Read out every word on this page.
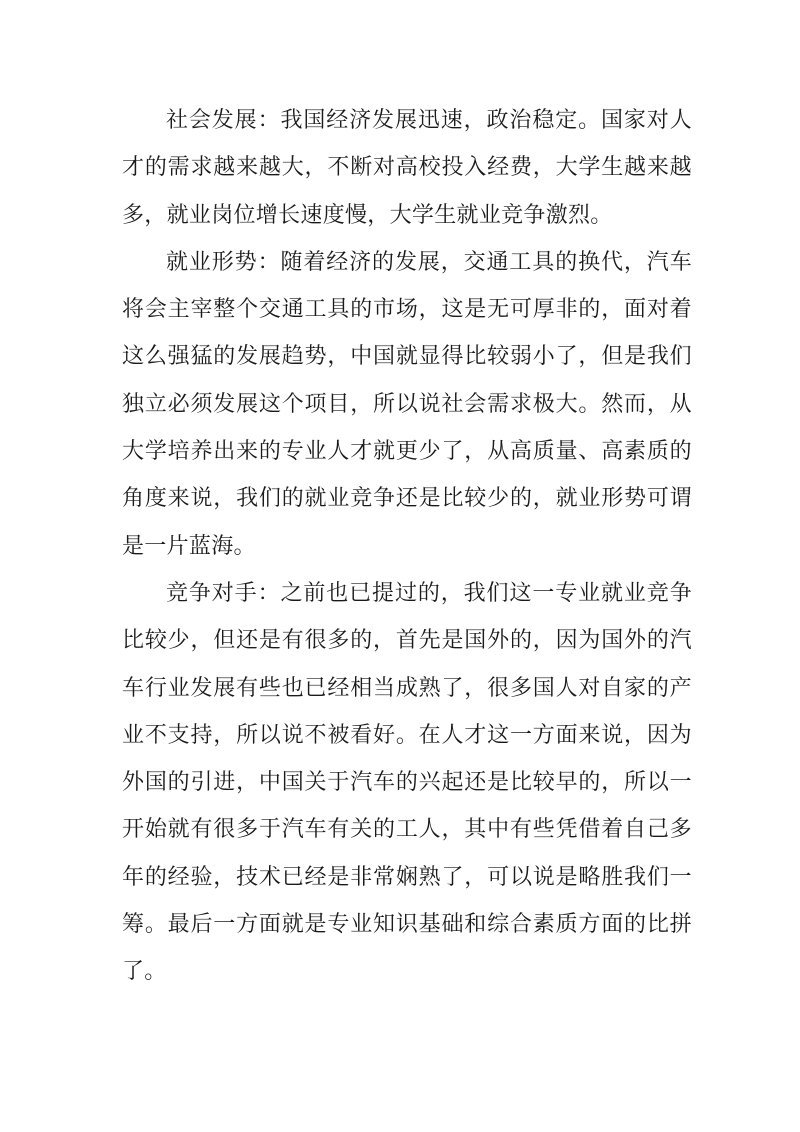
社会发展：我国经济发展迅速，政治稳定。国家对人才的需求越来越大，不断对高校投入经费，大学生越来越多，就业岗位增长速度慢，大学生就业竞争激烈。

就业形势：随着经济的发展，交通工具的换代，汽车将会主宰整个交通工具的市场，这是无可厚非的，面对着这么强猛的发展趋势，中国就显得比较弱小了，但是我们独立必须发展这个项目，所以说社会需求极大。然而，从大学培养出来的专业人才就更少了，从高质量、高素质的角度来说，我们的就业竞争还是比较少的，就业形势可谓是一片蓝海。

竞争对手：之前也已提过的，我们这一专业就业竞争比较少，但还是有很多的，首先是国外的，因为国外的汽车行业发展有些也已经相当成熟了，很多国人对自家的产业不支持，所以说不被看好。在人才这一方面来说，因为外国的引进，中国关于汽车的兴起还是比较早的，所以一开始就有很多于汽车有关的工人，其中有些凭借着自己多年的经验，技术已经是非常娴熟了，可以说是略胜我们一筹。最后一方面就是专业知识基础和综合素质方面的比拼了。
